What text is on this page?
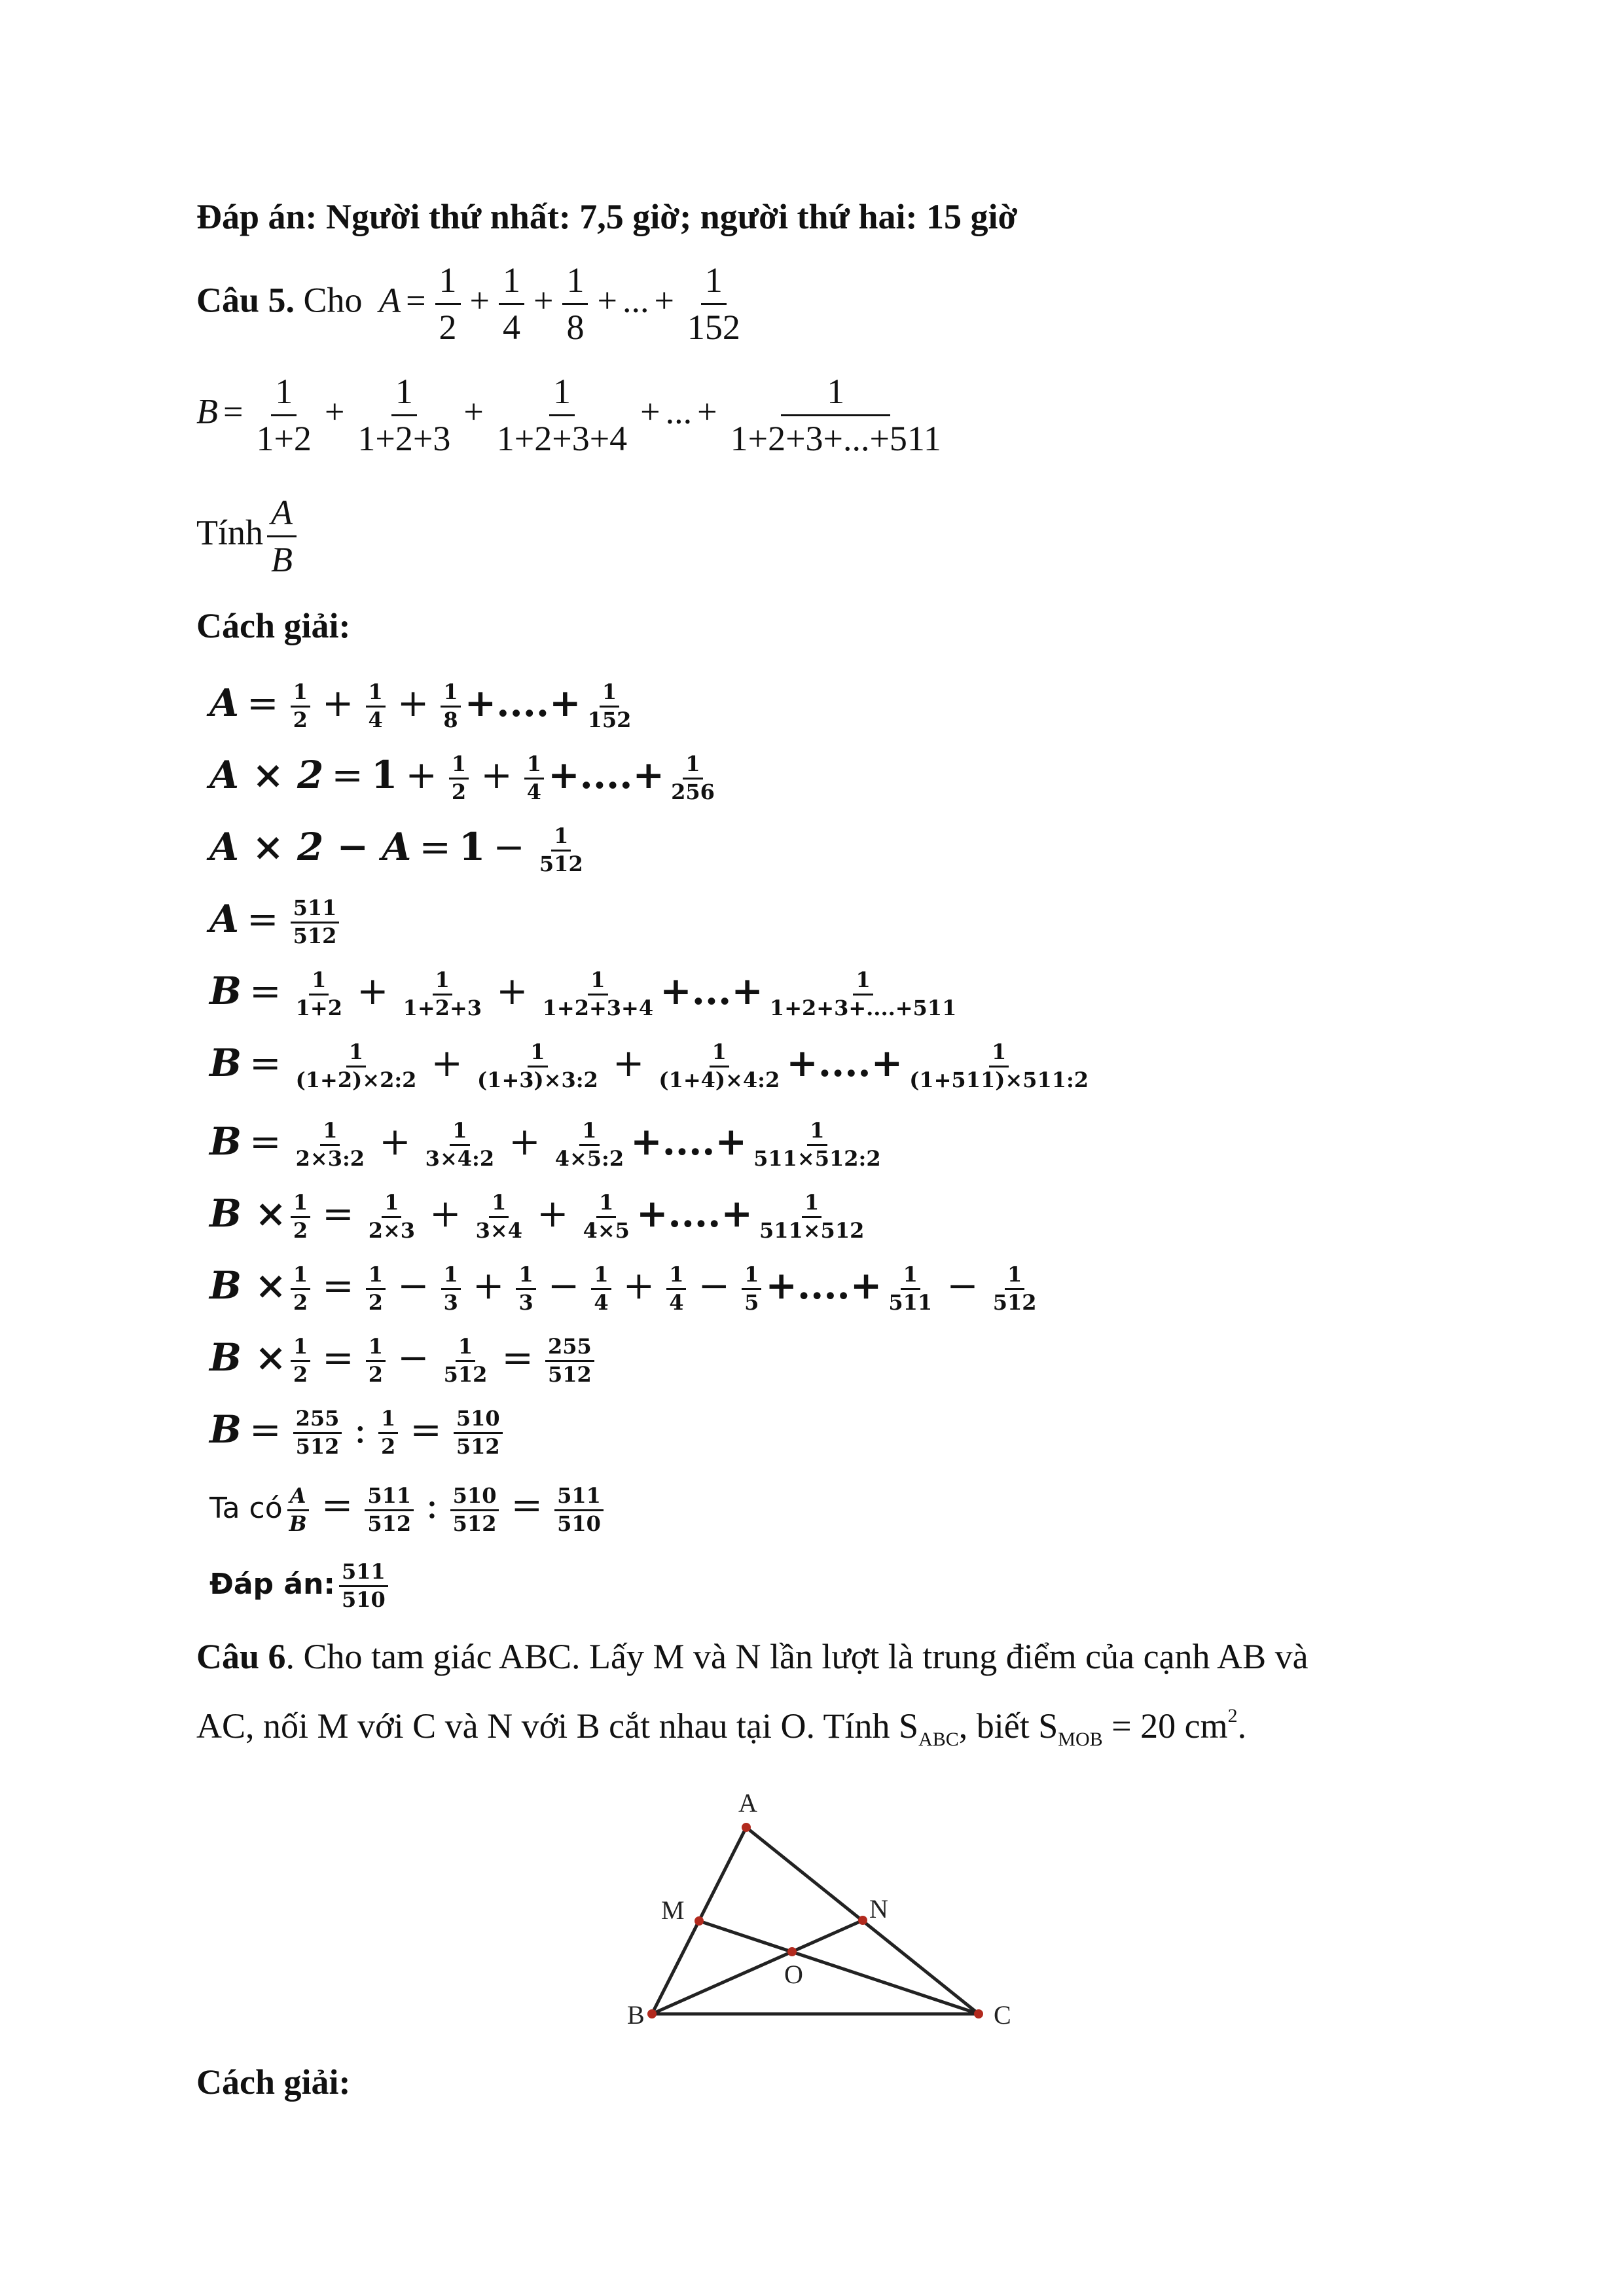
Đáp án: Người thứ nhất: 7,5 giờ; người thứ hai: 15 giờ
Câu 5. Cho $A = \frac{1}{2} + \frac{1}{4} + \frac{1}{8}$ + ... + $\frac{1}{152}$
$B = \frac{1}{1+2} + \frac{1}{1+2+3} + \frac{1}{1+2+3+4}$ + ... + $\frac{1}{1+2+3+...+511}$
Tính $\frac{A}{B}$
Cách giải:
$A = \frac{1}{2} + \frac{1}{4} + \frac{1}{8}$ +....+ $\frac{1}{152}$
$A \times 2 = 1 + \frac{1}{2} + \frac{1}{4}$ +....+ $\frac{1}{256}$
$A \times 2 - A = 1 - \frac{1}{512}$
$A = \frac{511}{512}$
$B = \frac{1}{1+2} + \frac{1}{1+2+3} + \frac{1}{1+2+3+4}$ +...+ $\frac{1}{1+2+3+....+511}$
$B = \frac{1}{(1+2)\times 2:2} + \frac{1}{(1+3)\times 3:2} + \frac{1}{(1+4)\times 4:2}$ +....+ $\frac{1}{(1+511)\times 511:2}$
$B = \frac{1}{2\times 3:2} + \frac{1}{3\times 4:2} + \frac{1}{4\times 5:2}$ +....+ $\frac{1}{511\times 512:2}$
$B \times \frac{1}{2} = \frac{1}{2\times 3} + \frac{1}{3\times 4} + \frac{1}{4\times 5}$ +....+ $\frac{1}{511\times 512}$
$B \times \frac{1}{2} = \frac{1}{2} - \frac{1}{3} + \frac{1}{3} - \frac{1}{4} + \frac{1}{4} - \frac{1}{5}$ +....+ $\frac{1}{511} - \frac{1}{512}$
$B \times \frac{1}{2} = \frac{1}{2} - \frac{1}{512} = \frac{255}{512}$
$B = \frac{255}{512}$ : $\frac{1}{2} = \frac{510}{512}$
Ta có $\frac{A}{B} = \frac{511}{512}$ : $\frac{510}{512} = \frac{511}{510}$
Đáp án: $\frac{511}{510}$
Câu 6. Cho tam giác ABC. Lấy M và N lần lượt là trung điểm của cạnh AB và
AC, nối M với C và N với B cắt nhau tại O. Tính $S_{ABC}$, biết $S_{MOB} = 20$ $cm^2$.
A
M	N
O
B	C
Cách giải:
